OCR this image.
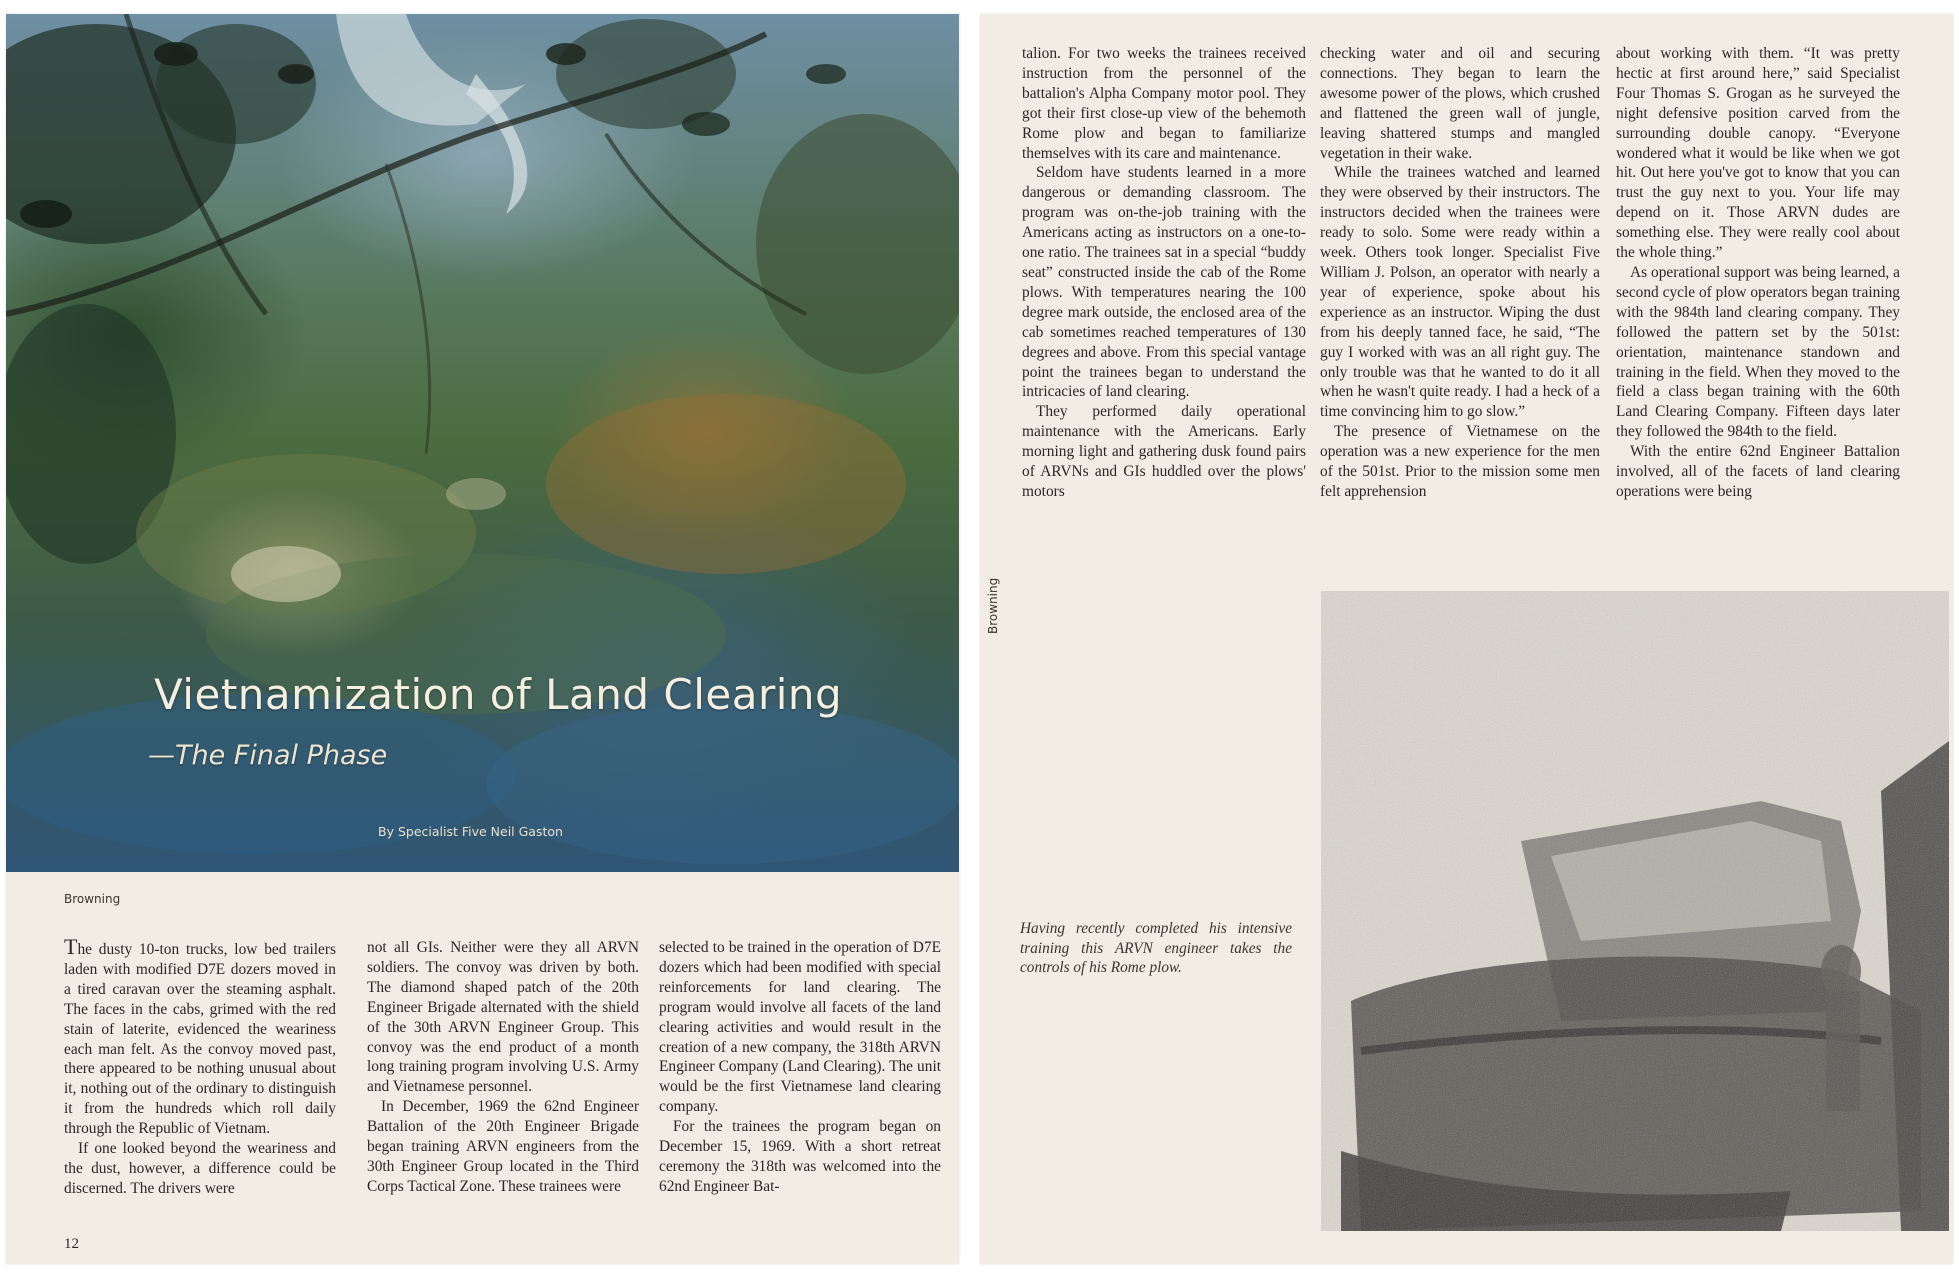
Vietnamization of Land Clearing
—The Final Phase
By Specialist Five Neil Gaston
Browning

The dusty 10-ton trucks, low bed trailers laden with modified D7E dozers moved in a tired caravan over the steaming asphalt. The faces in the cabs, grimed with the red stain of laterite, evidenced the weariness each man felt. As the convoy moved past, there appeared to be nothing unusual about it, nothing out of the ordinary to distinguish it from the hundreds which roll daily through the Republic of Vietnam.

If one looked beyond the weariness and the dust, however, a difference could be discerned. The drivers were

not all GIs. Neither were they all ARVN soldiers. The convoy was driven by both. The diamond shaped patch of the 20th Engineer Brigade alternated with the shield of the 30th ARVN Engineer Group. This convoy was the end product of a month long training program involving U.S. Army and Vietnamese personnel.

In December, 1969 the 62nd Engineer Battalion of the 20th Engineer Brigade began training ARVN engineers from the 30th Engineer Group located in the Third Corps Tactical Zone. These trainees were

selected to be trained in the operation of D7E dozers which had been modified with special reinforcements for land clearing. The program would involve all facets of the land clearing activities and would result in the creation of a new company, the 318th ARVN Engineer Company (Land Clearing). The unit would be the first Vietnamese land clearing company.

For the trainees the program began on December 15, 1969. With a short retreat ceremony the 318th was welcomed into the 62nd Engineer Bat-

12

talion. For two weeks the trainees received instruction from the personnel of the battalion's Alpha Company motor pool. They got their first close-up view of the behemoth Rome plow and began to familiarize themselves with its care and maintenance.

Seldom have students learned in a more dangerous or demanding classroom. The program was on-the-job training with the Americans acting as instructors on a one-to-one ratio. The trainees sat in a special “buddy seat” constructed inside the cab of the Rome plows. With temperatures nearing the 100 degree mark outside, the enclosed area of the cab sometimes reached temperatures of 130 degrees and above. From this special vantage point the trainees began to understand the intricacies of land clearing.

They performed daily operational maintenance with the Americans. Early morning light and gathering dusk found pairs of ARVNs and GIs huddled over the plows' motors

checking water and oil and securing connections. They began to learn the awesome power of the plows, which crushed and flattened the green wall of jungle, leaving shattered stumps and mangled vegetation in their wake.

While the trainees watched and learned they were observed by their instructors. The instructors decided when the trainees were ready to solo. Some were ready within a week. Others took longer. Specialist Five William J. Polson, an operator with nearly a year of experience, spoke about his experience as an instructor. Wiping the dust from his deeply tanned face, he said, “The guy I worked with was an all right guy. The only trouble was that he wanted to do it all when he wasn't quite ready. I had a heck of a time convincing him to go slow.”

The presence of Vietnamese on the operation was a new experience for the men of the 501st. Prior to the mission some men felt apprehension

about working with them. “It was pretty hectic at first around here,” said Specialist Four Thomas S. Grogan as he surveyed the night defensive position carved from the surrounding double canopy. “Everyone wondered what it would be like when we got hit. Out here you've got to know that you can trust the guy next to you. Your life may depend on it. Those ARVN dudes are something else. They were really cool about the whole thing.”

As operational support was being learned, a second cycle of plow operators began training with the 984th land clearing company. They followed the pattern set by the 501st: orientation, maintenance standown and training in the field. When they moved to the field a class began training with the 60th Land Clearing Company. Fifteen days later they followed the 984th to the field.

With the entire 62nd Engineer Battalion involved, all of the facets of land clearing operations were being

Having recently completed his intensive training this ARVN engineer takes the controls of his Rome plow.
Browning
